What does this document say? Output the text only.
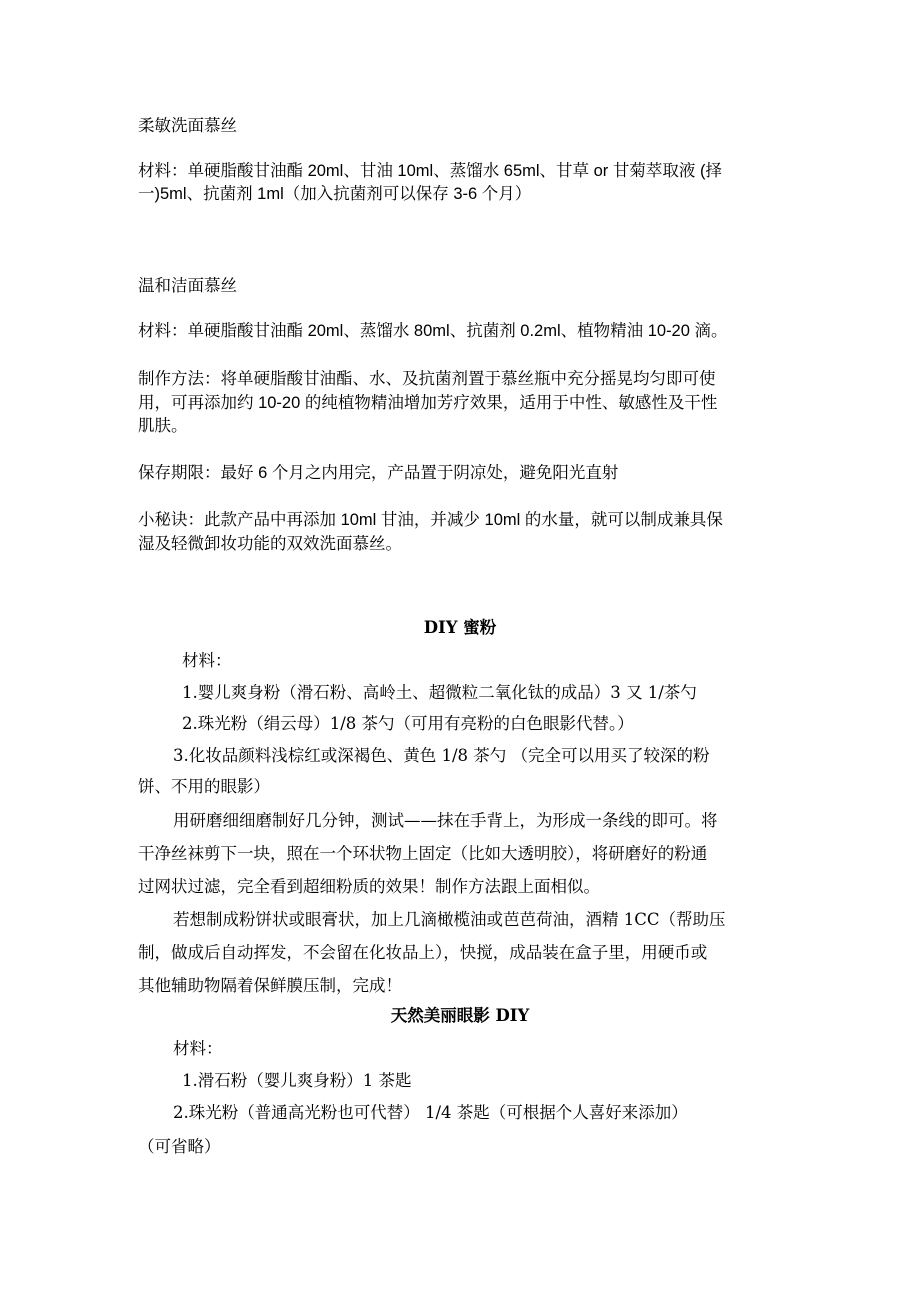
柔敏洗面慕丝
材料：单硬脂酸甘油酯 20ml、甘油 10ml、蒸馏水 65ml、甘草 or 甘菊萃取液 (择
一)5ml、抗菌剂 1ml（加入抗菌剂可以保存 3-6 个月）
温和洁面慕丝
材料：单硬脂酸甘油酯 20ml、蒸馏水 80ml、抗菌剂 0.2ml、植物精油 10-20 滴。
制作方法：将单硬脂酸甘油酯、水、及抗菌剂置于慕丝瓶中充分摇晃均匀即可使
用，可再添加约 10-20 的纯植物精油增加芳疗效果，适用于中性、敏感性及干性
肌肤。
保存期限：最好 6 个月之内用完，产品置于阴凉处，避免阳光直射
小秘诀：此款产品中再添加 10ml 甘油，并减少 10ml 的水量，就可以制成兼具保
湿及轻微卸妆功能的双效洗面慕丝。
DIY 蜜粉
材料：
1.婴儿爽身粉（滑石粉、高岭土、超微粒二氧化钛的成品）3 又 1/茶勺
2.珠光粉（绢云母）1/8 茶勺（可用有亮粉的白色眼影代替。）
3.化妆品颜料浅棕红或深褐色、黄色 1/8 茶勺 （完全可以用买了较深的粉
饼、不用的眼影）
用研磨细细磨制好几分钟，测试——抹在手背上，为形成一条线的即可。将
干净丝袜剪下一块，照在一个环状物上固定（比如大透明胶），将研磨好的粉通
过网状过滤，完全看到超细粉质的效果！制作方法跟上面相似。
若想制成粉饼状或眼膏状，加上几滴橄榄油或芭芭荷油，酒精 1CC（帮助压
制，做成后自动挥发，不会留在化妆品上），快搅，成品装在盒子里，用硬币或
其他辅助物隔着保鲜膜压制，完成！
天然美丽眼影 DIY
材料：
1.滑石粉（婴儿爽身粉）1 茶匙
2.珠光粉（普通高光粉也可代替） 1/4 茶匙（可根据个人喜好来添加）
（可省略）
